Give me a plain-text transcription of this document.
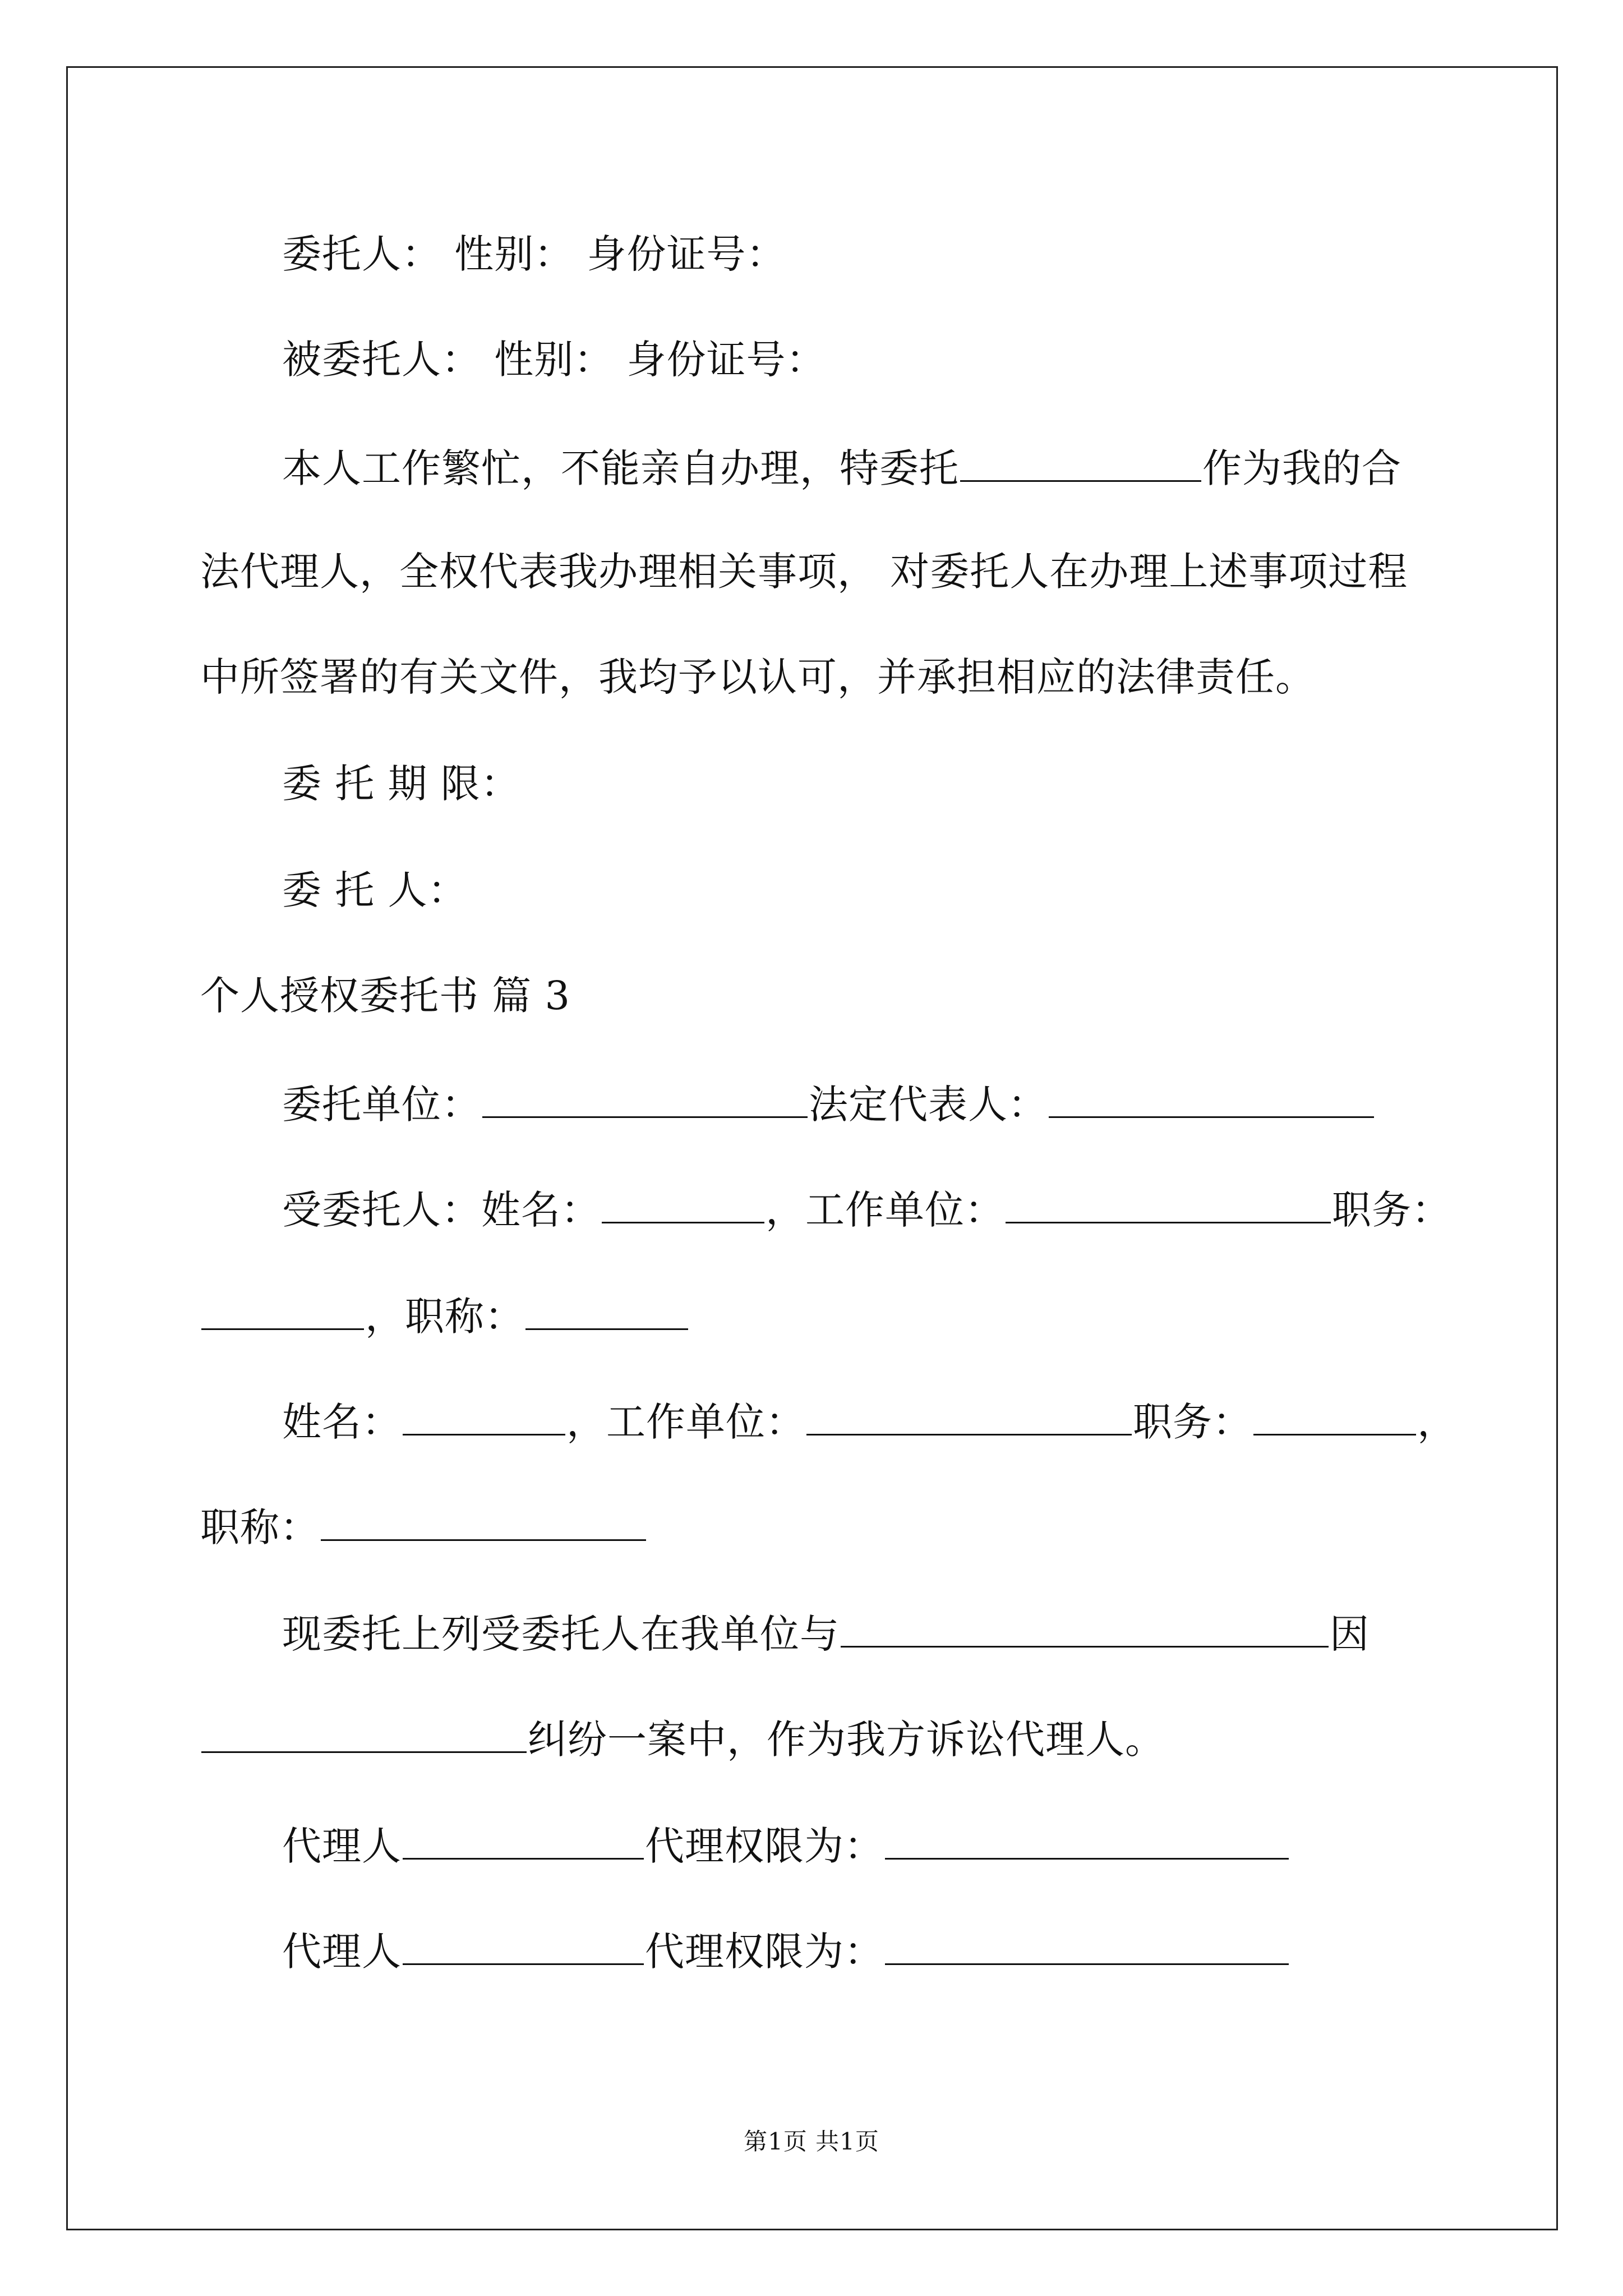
委托人： 性别： 身份证号：
被委托人： 性别： 身份证号：
本人工作繁忙，不能亲自办理，特委托	作为我的合
法代理人，全权代表我办理相关事项， 对委托人在办理上述事项过程
中所签署的有关文件，我均予以认可，并承担相应的法律责任。
委 托 期 限：
委 托 人：
个人授权委托书 篇 3
委托单位：	法定代表人：
受委托人：姓名：	，工作单位：	职务：
，职称：
姓名：	，工作单位：	职务：	，
职称：
现委托上列受委托人在我单位与	因
纠纷一案中，作为我方诉讼代理人。
代理人	代理权限为：
代理人	代理权限为：
第1页 共1页
